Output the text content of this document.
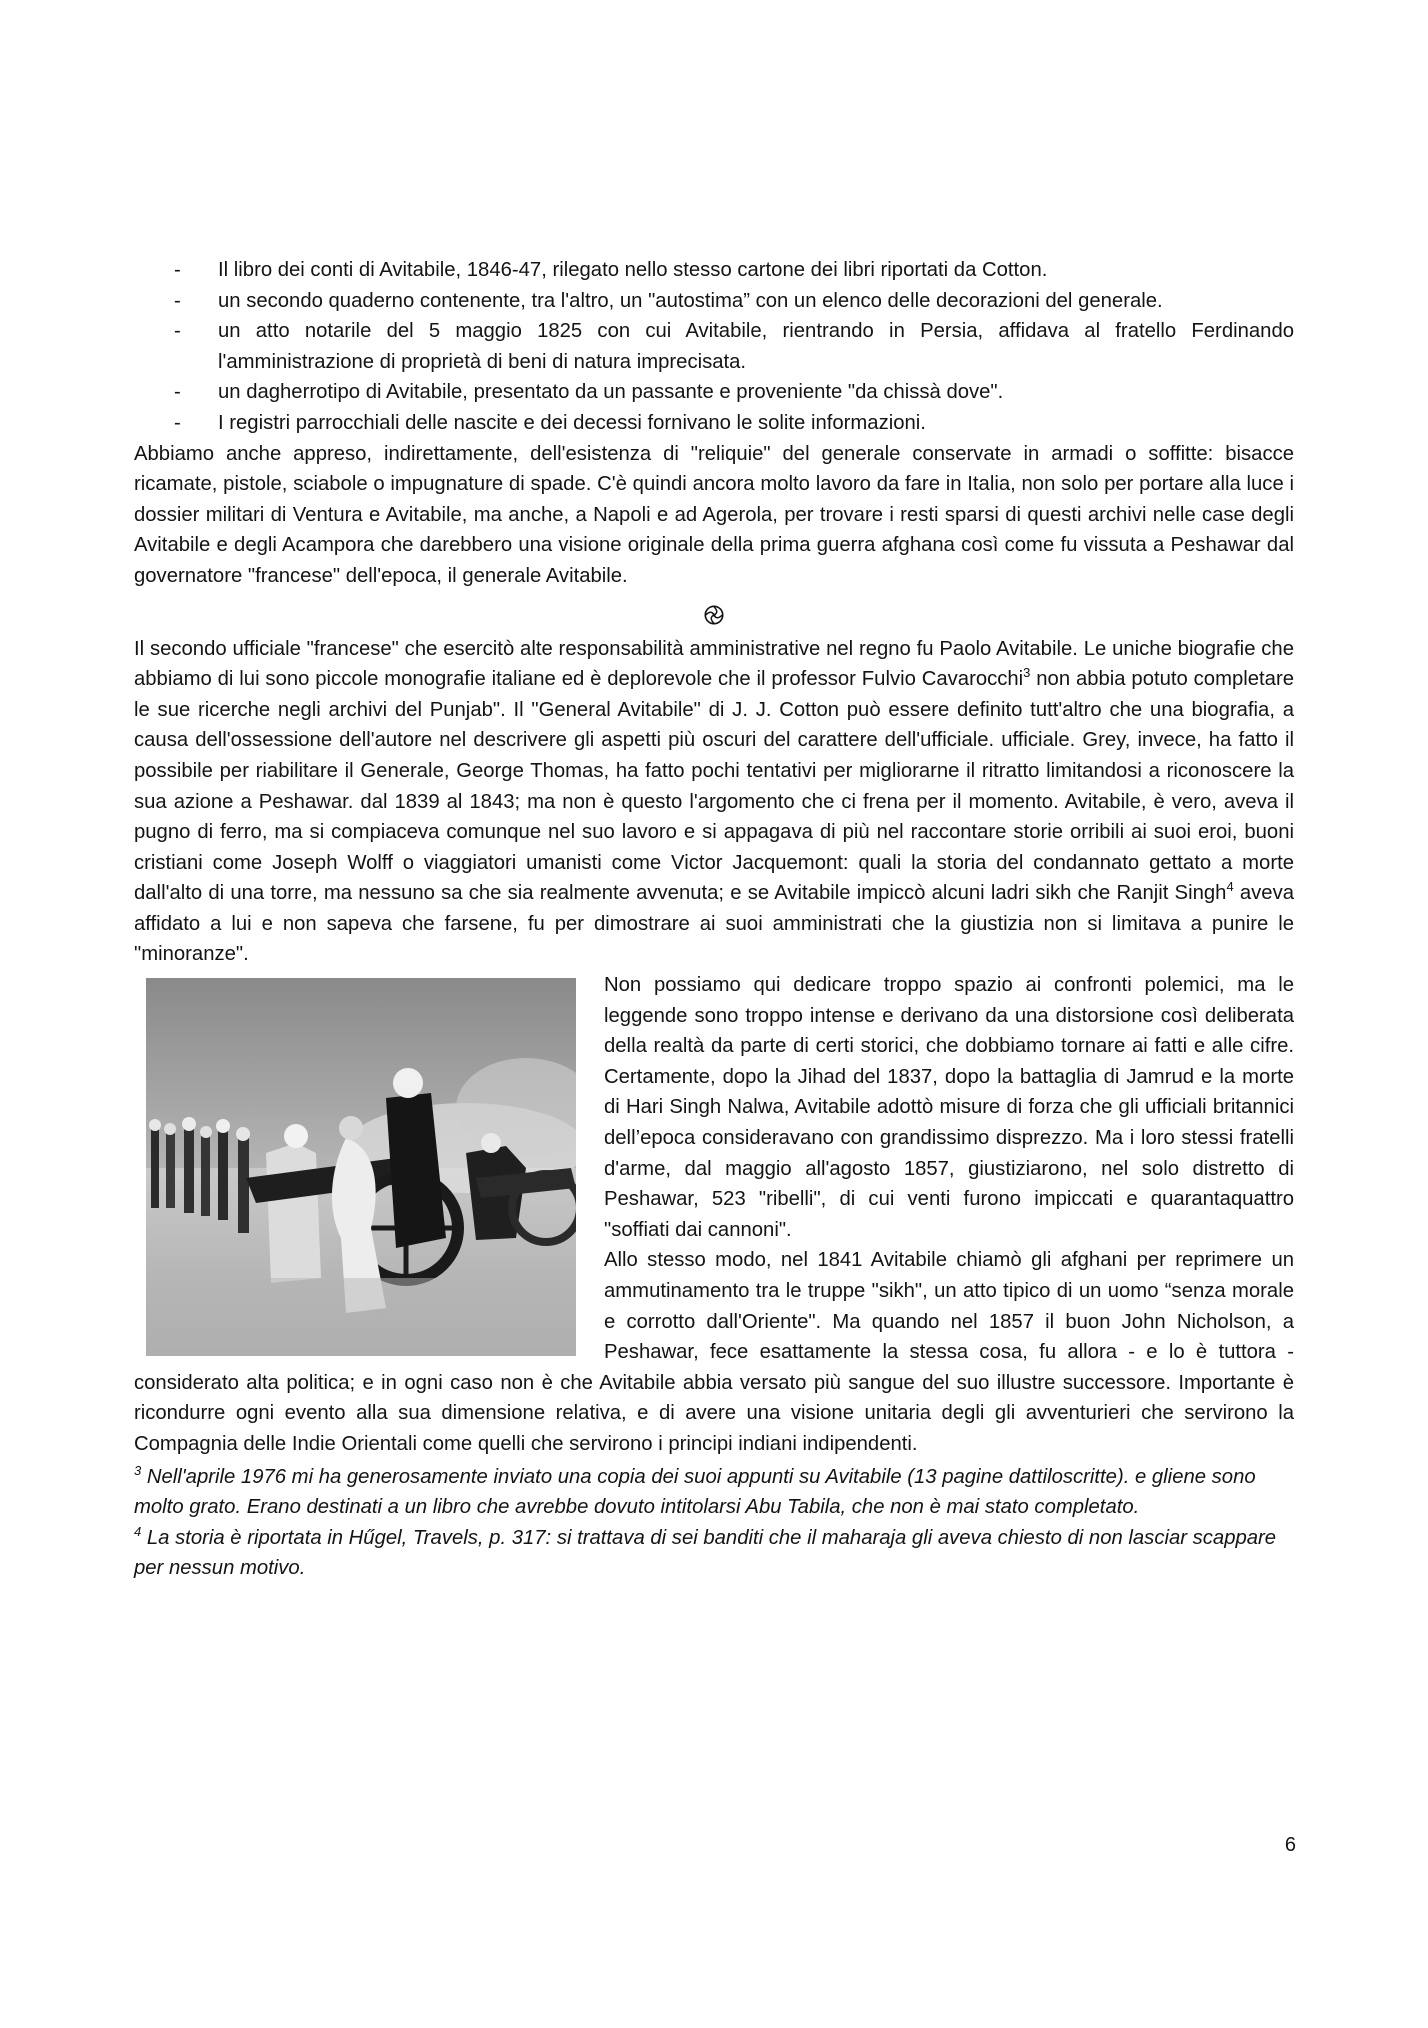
- Il libro dei conti di Avitabile, 1846-47, rilegato nello stesso cartone dei libri riportati da Cotton.
- un secondo quaderno contenente, tra l'altro, un "autostima” con un elenco delle decorazioni del generale.
- un atto notarile del 5 maggio 1825 con cui Avitabile, rientrando in Persia, affidava al fratello Ferdinando l'amministrazione di proprietà di beni di natura imprecisata.
- un dagherrotipo di Avitabile, presentato da un passante e proveniente "da chissà dove".
- I registri parrocchiali delle nascite e dei decessi fornivano le solite informazioni.

Abbiamo anche appreso, indirettamente, dell'esistenza di "reliquie" del generale conservate in armadi o soffitte: bisacce ricamate, pistole, sciabole o impugnature di spade. C'è quindi ancora molto lavoro da fare in Italia, non solo per portare alla luce i dossier militari di Ventura e Avitabile, ma anche, a Napoli e ad Agerola, per trovare i resti sparsi di questi archivi nelle case degli Avitabile e degli Acampora che darebbero una visione originale della prima guerra afghana così come fu vissuta a Peshawar dal governatore "francese" dell'epoca, il generale Avitabile.

Il secondo ufficiale "francese" che esercitò alte responsabilità amministrative nel regno fu Paolo Avitabile. Le uniche biografie che abbiamo di lui sono piccole monografie italiane ed è deplorevole che il professor Fulvio Cavarocchi$^3$ non abbia potuto completare le sue ricerche negli archivi del Punjab". Il "General Avitabile" di J. J. Cotton può essere definito tutt'altro che una biografia, a causa dell'ossessione dell'autore nel descrivere gli aspetti più oscuri del carattere dell'ufficiale. ufficiale. Grey, invece, ha fatto il possibile per riabilitare il Generale, George Thomas, ha fatto pochi tentativi per migliorarne il ritratto limitandosi a riconoscere la sua azione a Peshawar. dal 1839 al 1843; ma non è questo l'argomento che ci frena per il momento. Avitabile, è vero, aveva il pugno di ferro, ma si compiaceva comunque nel suo lavoro e si appagava di più nel raccontare storie orribili ai suoi eroi, buoni cristiani come Joseph Wolff o viaggiatori umanisti come Victor Jacquemont: quali la storia del condannato gettato a morte dall'alto di una torre, ma nessuno sa che sia realmente avvenuta; e se Avitabile impiccò alcuni ladri sikh che Ranjit Singh$^4$ aveva affidato a lui e non sapeva che farsene, fu per dimostrare ai suoi amministrati che la giustizia non si limitava a punire le "minoranze".

Non possiamo qui dedicare troppo spazio ai confronti polemici, ma le leggende sono troppo intense e derivano da una distorsione così deliberata della realtà da parte di certi storici, che dobbiamo tornare ai fatti e alle cifre. Certamente, dopo la Jihad del 1837, dopo la battaglia di Jamrud e la morte di Hari Singh Nalwa, Avitabile adottò misure di forza che gli ufficiali britannici dell’epoca consideravano con grandissimo disprezzo. Ma i loro stessi fratelli d'arme, dal maggio all'agosto 1857, giustiziarono, nel solo distretto di Peshawar, 523 "ribelli", di cui venti furono impiccati e quarantaquattro "soffiati dai cannoni".

Allo stesso modo, nel 1841 Avitabile chiamò gli afghani per reprimere un ammutinamento tra le truppe "sikh", un atto tipico di un uomo “senza morale e corrotto dall'Oriente". Ma quando nel 1857 il buon John Nicholson, a Peshawar, fece esattamente la stessa cosa, fu allora - e lo è tuttora - considerato alta politica; e in ogni caso non è che Avitabile abbia versato più sangue del suo illustre successore. Importante è ricondurre ogni evento alla sua dimensione relativa, e di avere una visione unitaria degli gli avventurieri che servirono la Compagnia delle Indie Orientali come quelli che servirono i principi indiani indipendenti.

$^3$ Nell'aprile 1976 mi ha generosamente inviato una copia dei suoi appunti su Avitabile (13 pagine dattiloscritte). e gliene sono molto grato. Erano destinati a un libro che avrebbe dovuto intitolarsi Abu Tabila, che non è mai stato completato.

$^4$ La storia è riportata in Hűgel, Travels, p. 317: si trattava di sei banditi che il maharaja gli aveva chiesto di non lasciar scappare per nessun motivo.

6
